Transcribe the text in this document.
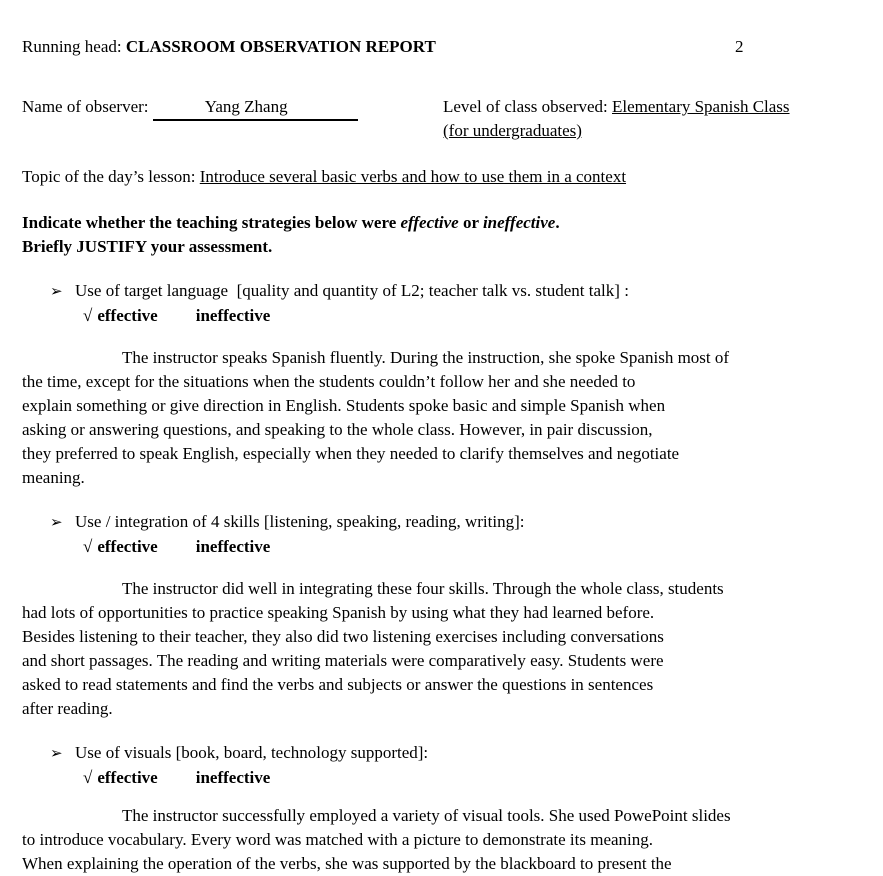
2
Running head: CLASSROOM OBSERVATION REPORT
Name of observer:	Yang Zhang	Level of class observed: Elementary Spanish Class
(for undergraduates)
Topic of the day’s lesson: Introduce several basic verbs and how to use them in a context
Indicate whether the teaching strategies below were effective or ineffective.
Briefly JUSTIFY your assessment.
➢ Use of target language  [quality and quantity of L2; teacher talk vs. student talk] :
√ effective ineffective
The instructor speaks Spanish fluently. During the instruction, she spoke Spanish most of
the time, except for the situations when the students couldn’t follow her and she needed to
explain something or give direction in English. Students spoke basic and simple Spanish when
asking or answering questions, and speaking to the whole class. However, in pair discussion,
they preferred to speak English, especially when they needed to clarify themselves and negotiate
meaning.
➢ Use / integration of 4 skills [listening, speaking, reading, writing]:
√ effective ineffective
The instructor did well in integrating these four skills. Through the whole class, students
had lots of opportunities to practice speaking Spanish by using what they had learned before.
Besides listening to their teacher, they also did two listening exercises including conversations
and short passages. The reading and writing materials were comparatively easy. Students were
asked to read statements and find the verbs and subjects or answer the questions in sentences
after reading.
➢ Use of visuals [book, board, technology supported]:
√ effective ineffective
The instructor successfully employed a variety of visual tools. She used PowePoint slides
to introduce vocabulary. Every word was matched with a picture to demonstrate its meaning.
When explaining the operation of the verbs, she was supported by the blackboard to present the
